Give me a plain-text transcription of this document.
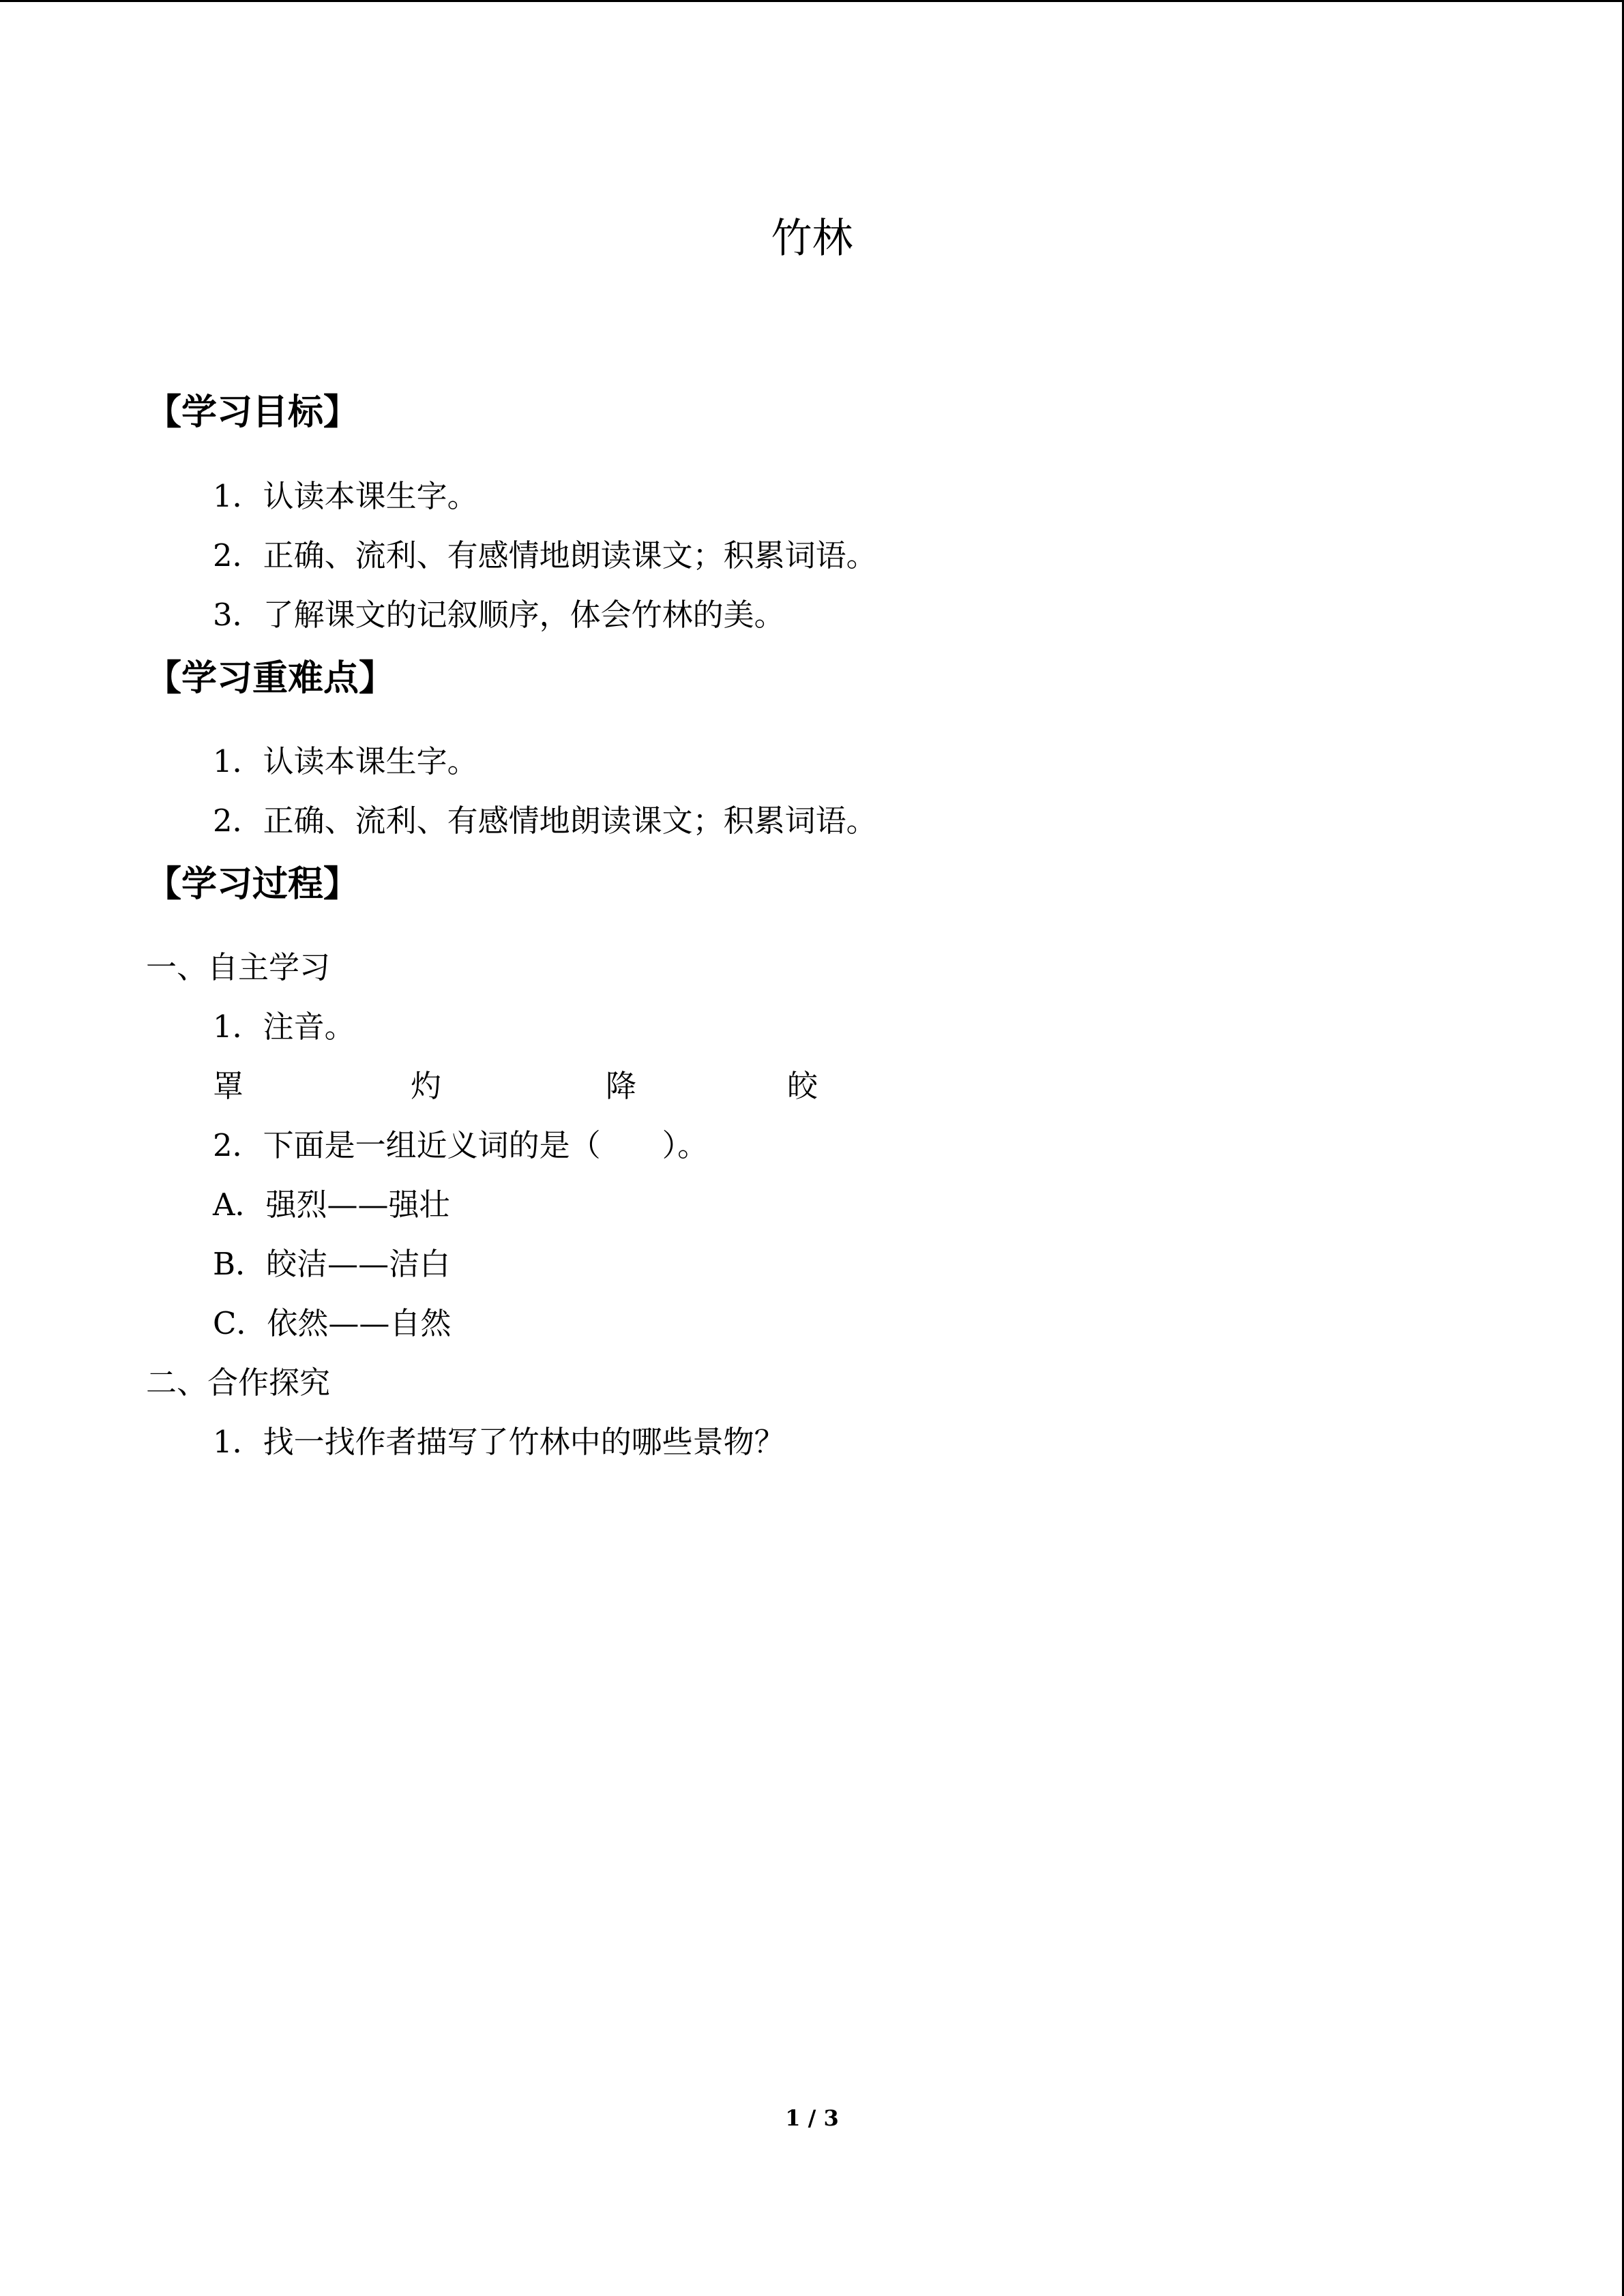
竹林
【学习目标】
1．认读本课生字。
2．正确、流利、有感情地朗读课文；积累词语。
3．了解课文的记叙顺序，体会竹林的美。
【学习重难点】
1．认读本课生字。
2．正确、流利、有感情地朗读课文；积累词语。
【学习过程】
一、自主学习
1．注音。
罩	灼	降	皎
2．下面是一组近义词的是（　　）。
A．强烈——强壮
B．皎洁——洁白
C．依然——自然
二、合作探究
1．找一找作者描写了竹林中的哪些景物？
1 / 3
